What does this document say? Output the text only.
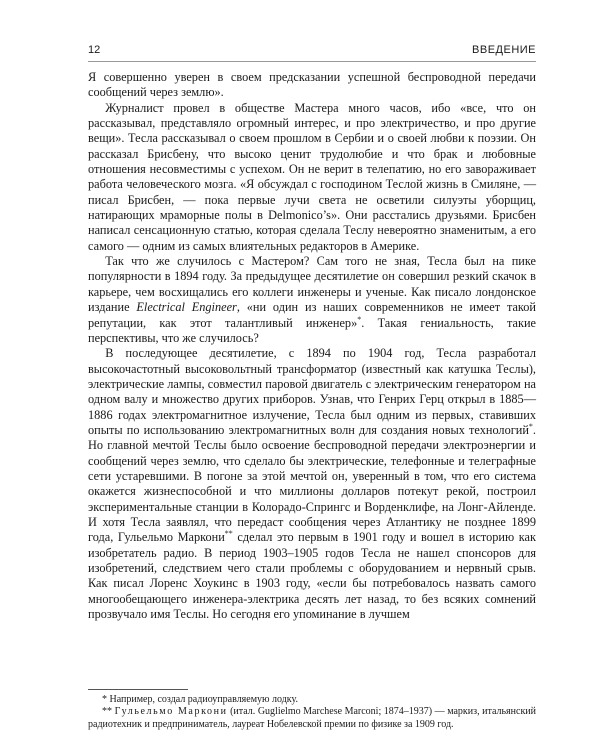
12	ВВЕДЕНИЕ

Я совершенно уверен в своем предсказании успешной беспроводной передачи сообщений через землю».

Журналист провел в обществе Мастера много часов, ибо «все, что он рассказывал, представляло огромный интерес, и про электричество, и про другие вещи». Тесла рассказывал о своем прошлом в Сербии и о своей любви к поэзии. Он рассказал Брисбену, что высоко ценит трудолюбие и что брак и любовные отношения несовместимы с успехом. Он не верит в телепатию, но его завораживает работа человеческого мозга. «Я обсуждал с господином Теслой жизнь в Смиляне, — писал Брисбен, — пока первые лучи света не осветили силуэты уборщиц, натирающих мраморные полы в Delmonico’s». Они расстались друзьями. Брисбен написал сенсационную статью, которая сделала Теслу невероятно знаменитым, а его самого — одним из самых влиятельных редакторов в Америке.

Так что же случилось с Мастером? Сам того не зная, Тесла был на пике популярности в 1894 году. За предыдущее десятилетие он совершил резкий скачок в карьере, чем восхищались его коллеги инженеры и ученые. Как писало лондонское издание Electrical Engineer, «ни один из наших современников не имеет такой репутации, как этот талантливый инженер»*. Такая гениальность, такие перспективы, что же случилось?

В последующее десятилетие, с 1894 по 1904 год, Тесла разработал высокочастотный высоковольтный трансформатор (известный как катушка Теслы), электрические лампы, совместил паровой двигатель с электрическим генератором на одном валу и множество других приборов. Узнав, что Генрих Герц открыл в 1885—1886 годах электромагнитное излучение, Тесла был одним из первых, ставивших опыты по использованию электромагнитных волн для создания новых технологий*. Но главной мечтой Теслы было освоение беспроводной передачи электроэнергии и сообщений через землю, что сделало бы электрические, телефонные и телеграфные сети устаревшими. В погоне за этой мечтой он, уверенный в том, что его система окажется жизнеспособной и что миллионы долларов потекут рекой, построил экспериментальные станции в Колорадо-Спрингс и Ворденклифе, на Лонг-Айленде. И хотя Тесла заявлял, что передаст сообщения через Атлантику не позднее 1899 года, Гульельмо Маркони** сделал это первым в 1901 году и вошел в историю как изобретатель радио. В период 1903–1905 годов Тесла не нашел спонсоров для изобретений, следствием чего стали проблемы с оборудованием и нервный срыв. Как писал Лоренс Хоукинс в 1903 году, «если бы потребовалось назвать самого многообещающего инженера-электрика десять лет назад, то без всяких сомнений прозвучало имя Теслы. Но сегодня его упоминание в лучшем

* Например, создал радиоуправляемую лодку.

** Гульельмо Маркони (итал. Guglielmo Marchese Marconi; 1874–1937) — маркиз, итальянский радиотехник и предприниматель, лауреат Нобелевской премии по физике за 1909 год.
